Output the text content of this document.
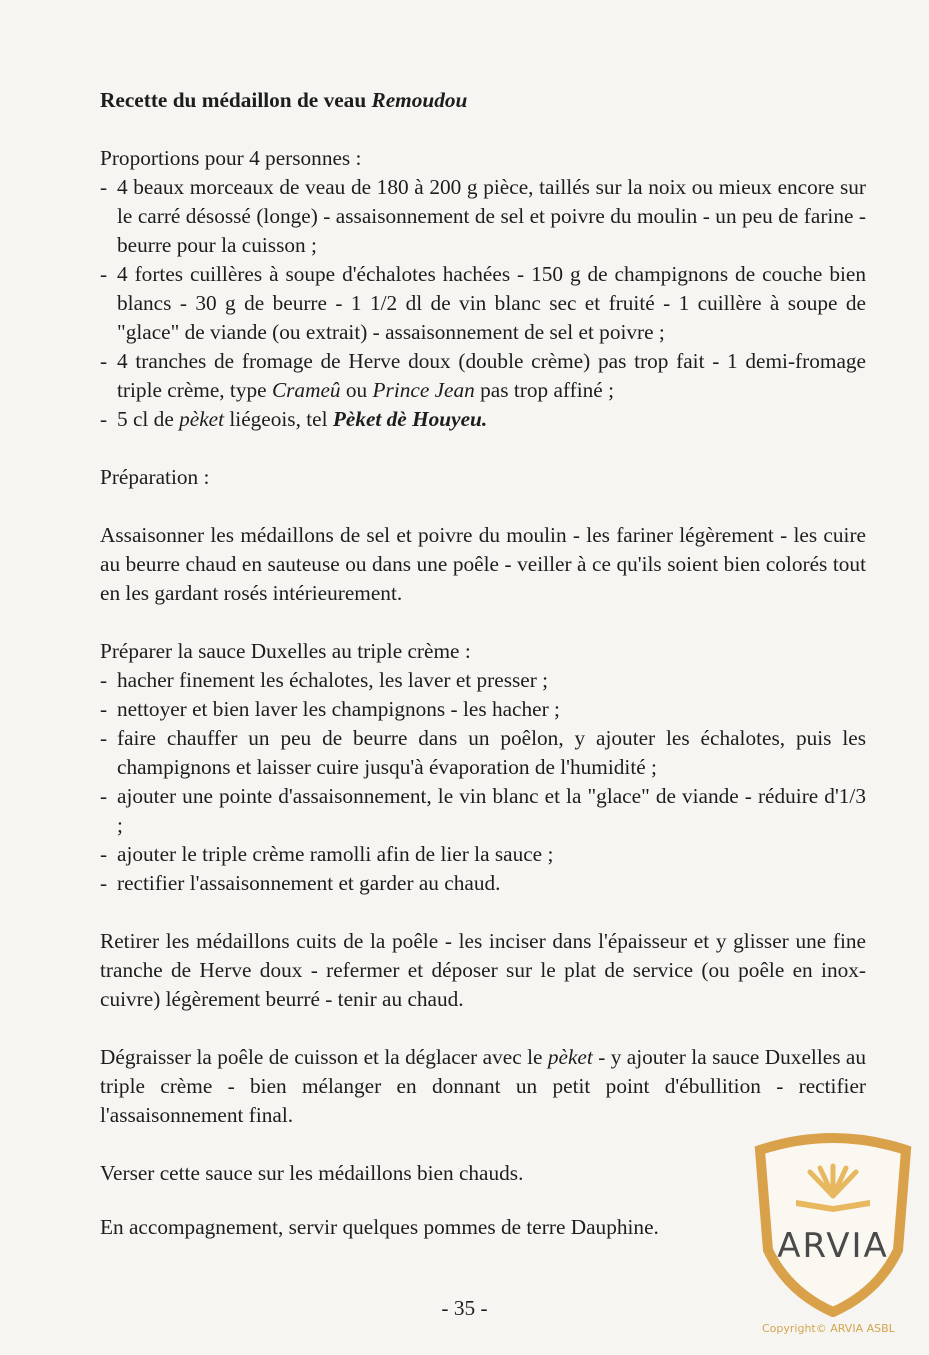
Recette du médaillon de veau Remoudou

Proportions pour 4 personnes :

- 4 beaux morceaux de veau de 180 à 200 g pièce, taillés sur la noix ou mieux encore sur le carré désossé (longe) - assaisonnement de sel et poivre du moulin - un peu de farine - beurre pour la cuisson ;
- 4 fortes cuillères à soupe d'échalotes hachées - 150 g de champignons de couche bien blancs - 30 g de beurre - 1 1/2 dl de vin blanc sec et fruité - 1 cuillère à soupe de "glace" de viande (ou extrait) - assaisonnement de sel et poivre ;
- 4 tranches de fromage de Herve doux (double crème) pas trop fait - 1 demi-fromage triple crème, type Crameû ou Prince Jean pas trop affiné ;
- 5 cl de pèket liégeois, tel Pèket dè Houyeu.

Préparation :

Assaisonner les médaillons de sel et poivre du moulin - les fariner légèrement - les cuire au beurre chaud en sauteuse ou dans une poêle - veiller à ce qu'ils soient bien colorés tout en les gardant rosés intérieurement.

Préparer la sauce Duxelles au triple crème :

- hacher finement les échalotes, les laver et presser ;
- nettoyer et bien laver les champignons - les hacher ;
- faire chauffer un peu de beurre dans un poêlon, y ajouter les échalotes, puis les champignons et laisser cuire jusqu'à évaporation de l'humidité ;
- ajouter une pointe d'assaisonnement, le vin blanc et la "glace" de viande - réduire d'1/3 ;
- ajouter le triple crème ramolli afin de lier la sauce ;
- rectifier l'assaisonnement et garder au chaud.

Retirer les médaillons cuits de la poêle - les inciser dans l'épaisseur et y glisser une fine tranche de Herve doux - refermer et déposer sur le plat de service (ou poêle en inox-cuivre) légèrement beurré - tenir au chaud.

Dégraisser la poêle de cuisson et la déglacer avec le pèket - y ajouter la sauce Duxelles au triple crème - bien mélanger en donnant un petit point d'ébullition - rectifier l'assaisonnement final.

Verser cette sauce sur les médaillons bien chauds.

En accompagnement, servir quelques pommes de terre Dauphine.

- 35 -
ARVIA
Copyright© ARVIA ASBL
